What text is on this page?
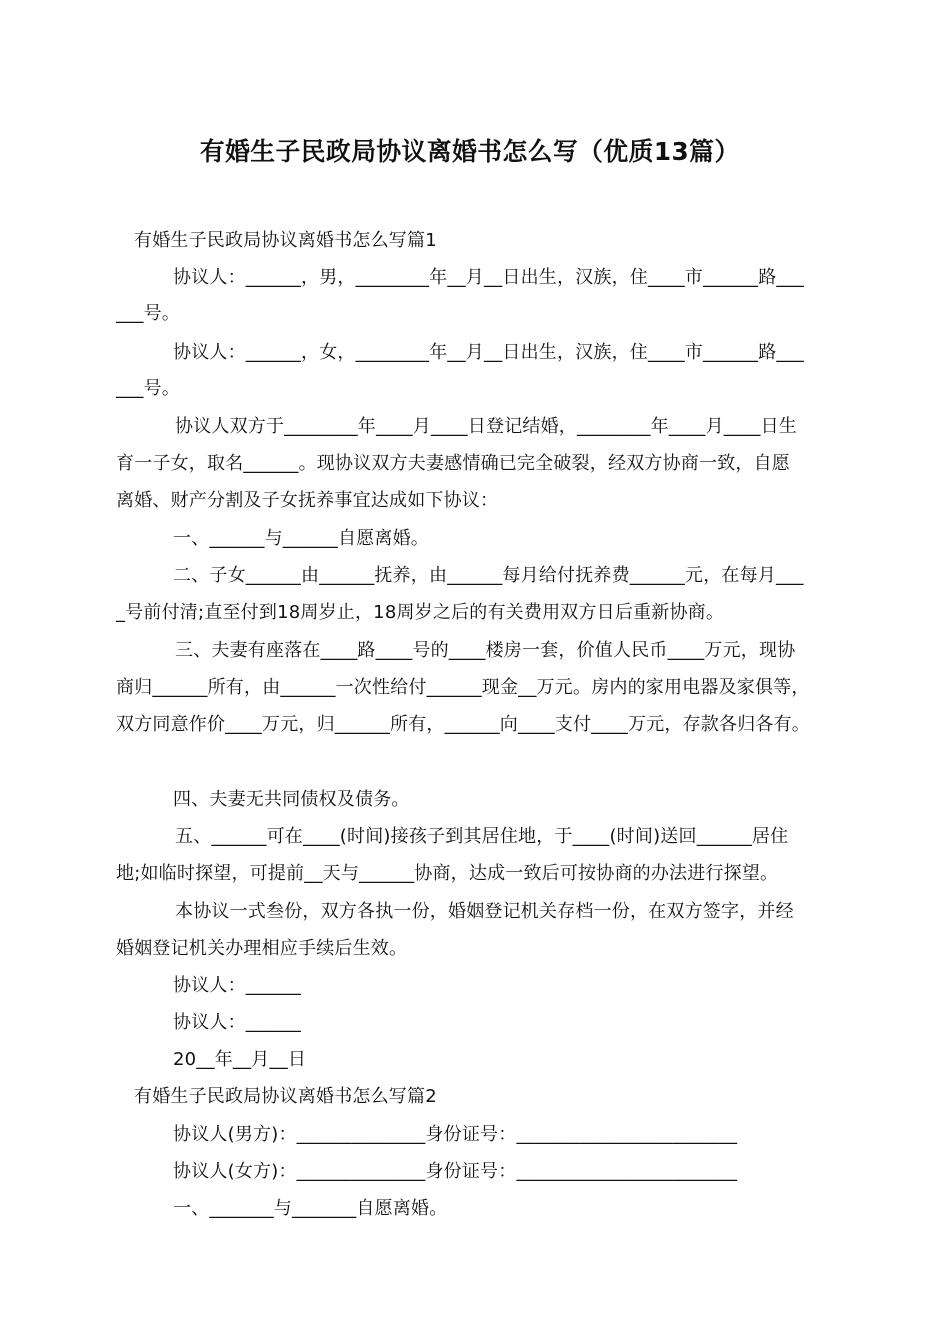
有婚生子民政局协议离婚书怎么写（优质13篇）
有婚生子民政局协议离婚书怎么写篇1
协议人：______，男，________年__月__日出生，汉族，住____市______路___
___号。
协议人：______，女，________年__月__日出生，汉族，住____市______路___
___号。
协议人双方于________年____月____日登记结婚，________年____月____日生
育一子女，取名______。现协议双方夫妻感情确已完全破裂，经双方协商一致，自愿
离婚、财产分割及子女抚养事宜达成如下协议：
一、______与______自愿离婚。
二、子女______由______抚养，由______每月给付抚养费______元，在每月___
_号前付清;直至付到18周岁止，18周岁之后的有关费用双方日后重新协商。
三、夫妻有座落在____路____号的____楼房一套，价值人民币____万元，现协
商归______所有，由______一次性给付______现金__万元。房内的家用电器及家俱等，
双方同意作价____万元，归______所有，______向____支付____万元，存款各归各有。
四、夫妻无共同债权及债务。
五、______可在____(时间)接孩子到其居住地，于____(时间)送回______居住
地;如临时探望，可提前__天与______协商，达成一致后可按协商的办法进行探望。
本协议一式叁份，双方各执一份，婚姻登记机关存档一份，在双方签字，并经
婚姻登记机关办理相应手续后生效。
协议人：______
协议人：______
20__年__月__日
有婚生子民政局协议离婚书怎么写篇2
协议人(男方)：______________身份证号：________________________
协议人(女方)：______________身份证号：________________________
一、_______与_______自愿离婚。
